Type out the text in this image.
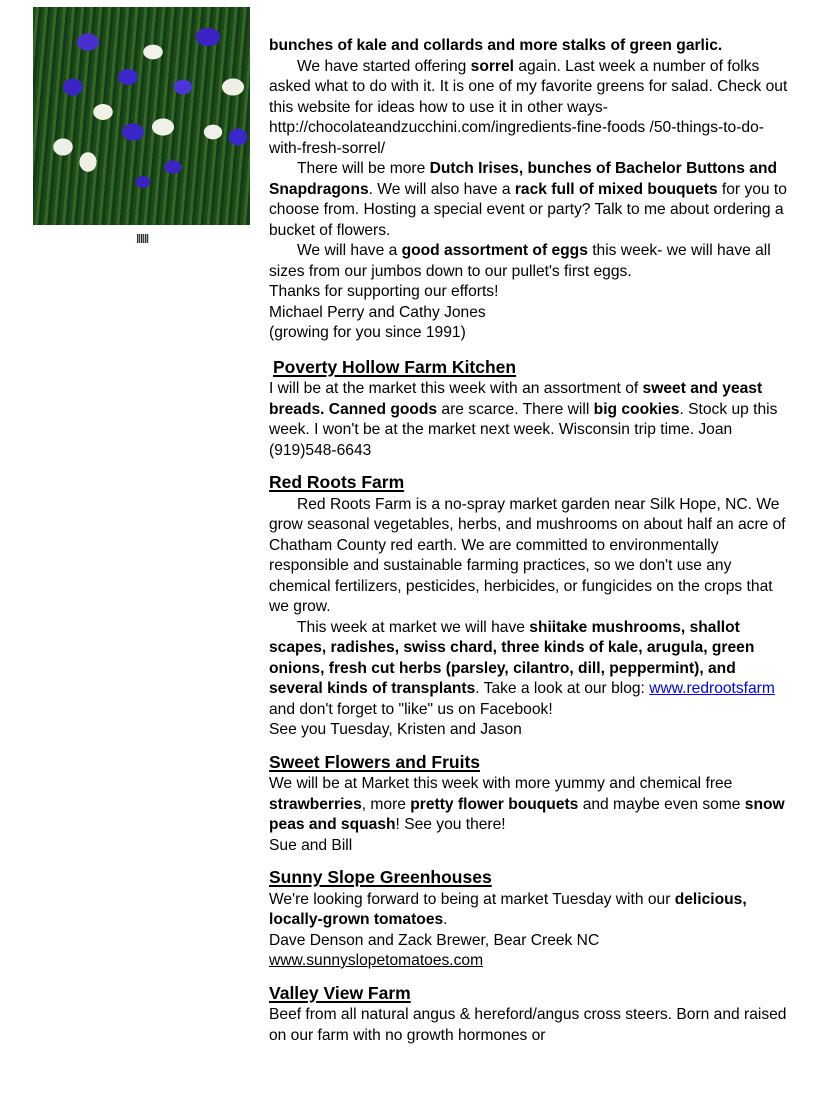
bunches of kale and collards and more stalks of green garlic.

We have started offering sorrel again. Last week a number of folks asked what to do with it. It is one of my favorite greens for salad. Check out this website for ideas how to use it in other ways- http://chocolateandzucchini.com/ingredients-fine-foods /50-things-to-do-with-fresh-sorrel/

There will be more Dutch Irises, bunches of Bachelor Buttons and Snapdragons. We will also have a rack full of mixed bouquets for you to choose from. Hosting a special event or party? Talk to me about ordering a bucket of flowers.

We will have a good assortment of eggs this week- we will have all sizes from our jumbos down to our pullet's first eggs.

Thanks for supporting our efforts!

Michael Perry and Cathy Jones

(growing for you since 1991)

Poverty Hollow Farm Kitchen

I will be at the market this week with an assortment of sweet and yeast breads. Canned goods are scarce. There will big cookies. Stock up this week. I won't be at the market next week. Wisconsin trip time. Joan (919)548-6643

Red Roots Farm

Red Roots Farm is a no-spray market garden near Silk Hope, NC. We grow seasonal vegetables, herbs, and mushrooms on about half an acre of Chatham County red earth. We are committed to environmentally responsible and sustainable farming practices, so we don't use any chemical fertilizers, pesticides, herbicides, or fungicides on the crops that we grow.

This week at market we will have shiitake mushrooms, shallot scapes, radishes, swiss chard, three kinds of kale, arugula, green onions, fresh cut herbs (parsley, cilantro, dill, peppermint), and several kinds of transplants. Take a look at our blog: www.redrootsfarm and don't forget to "like" us on Facebook!

See you Tuesday, Kristen and Jason

Sweet Flowers and Fruits

We will be at Market this week with more yummy and chemical free strawberries, more pretty flower bouquets and maybe even some snow peas and squash! See you there!

Sue and Bill

Sunny Slope Greenhouses

We're looking forward to being at market Tuesday with our delicious, locally-grown tomatoes.

Dave Denson and Zack Brewer, Bear Creek NC

www.sunnyslopetomatoes.com

Valley View Farm

Beef from all natural angus & hereford/angus cross steers. Born and raised on our farm with no growth hormones or
